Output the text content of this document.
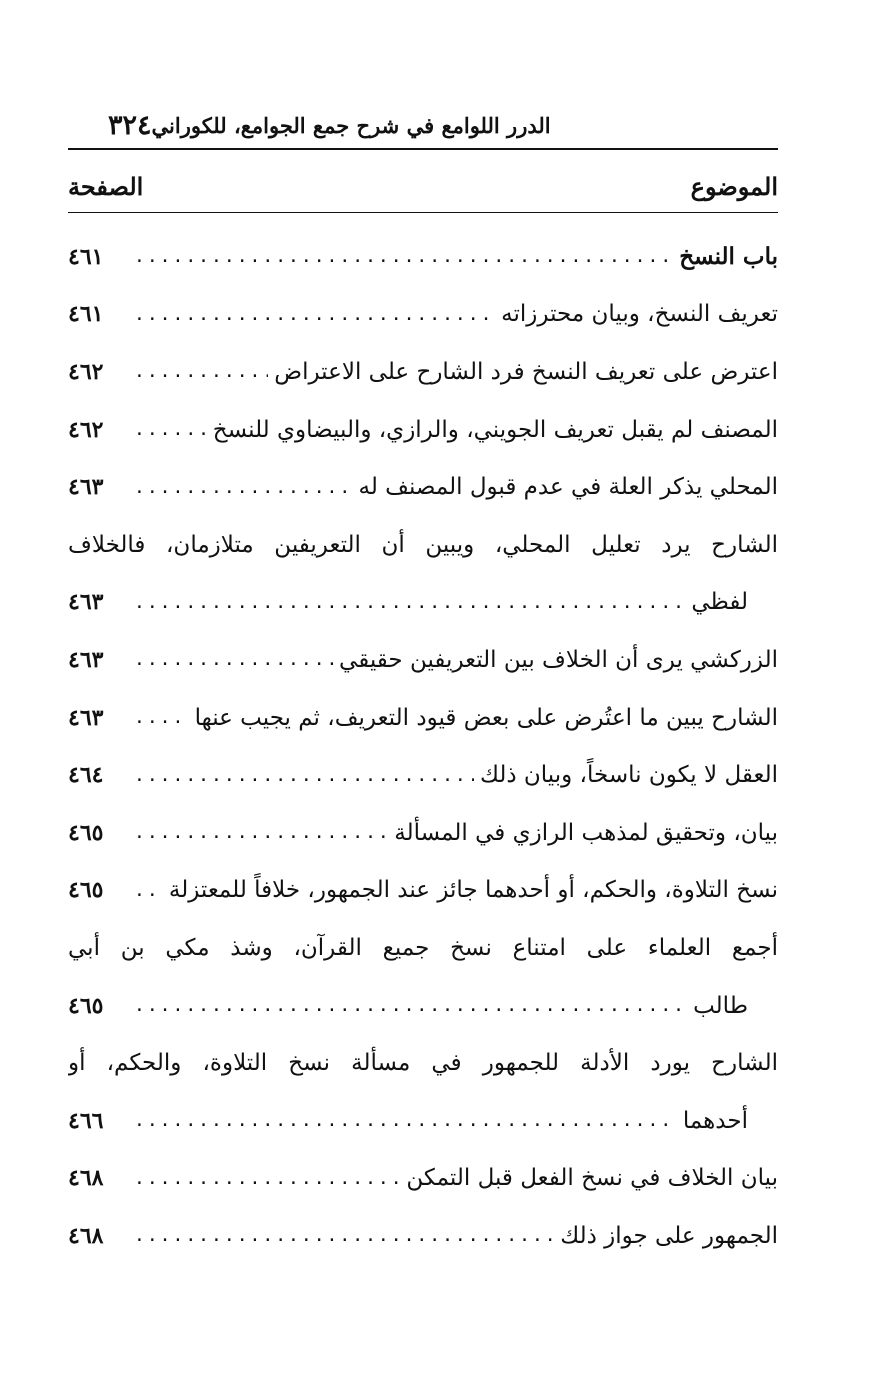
٣٢٤ الدرر اللوامع في شرح جمع الجوامع، للكوراني
الموضوع
الصفحة
باب النسخ
.....
٤٦١
تعريف النسخ، وبيان محترزاته
.....
٤٦١
اعترض على تعريف النسخ فرد الشارح على الاعتراض
.....
٤٦٢
المصنف لم يقبل تعريف الجويني، والرازي، والبيضاوي للنسخ
.....
٤٦٢
المحلي يذكر العلة في عدم قبول المصنف له
.....
٤٦٣
الشارح يرد تعليل المحلي، ويبين أن التعريفين متلازمان، فالخلاف
لفظي
.....
٤٦٣
الزركشي يرى أن الخلاف بين التعريفين حقيقي
.....
٤٦٣
الشارح يبين ما اعتُرض على بعض قيود التعريف، ثم يجيب عنها
.....
٤٦٣
العقل لا يكون ناسخاً، وبيان ذلك
.....
٤٦٤
بيان، وتحقيق لمذهب الرازي في المسألة
.....
٤٦٥
نسخ التلاوة، والحكم، أو أحدهما جائز عند الجمهور، خلافاً للمعتزلة
.....
٤٦٥
أجمع العلماء على امتناع نسخ جميع القرآن، وشذ مكي بن أبي
طالب
.....
٤٦٥
الشارح يورد الأدلة للجمهور في مسألة نسخ التلاوة، والحكم، أو
أحدهما
.....
٤٦٦
بيان الخلاف في نسخ الفعل قبل التمكن
.....
٤٦٨
الجمهور على جواز ذلك
.....
٤٦٨
